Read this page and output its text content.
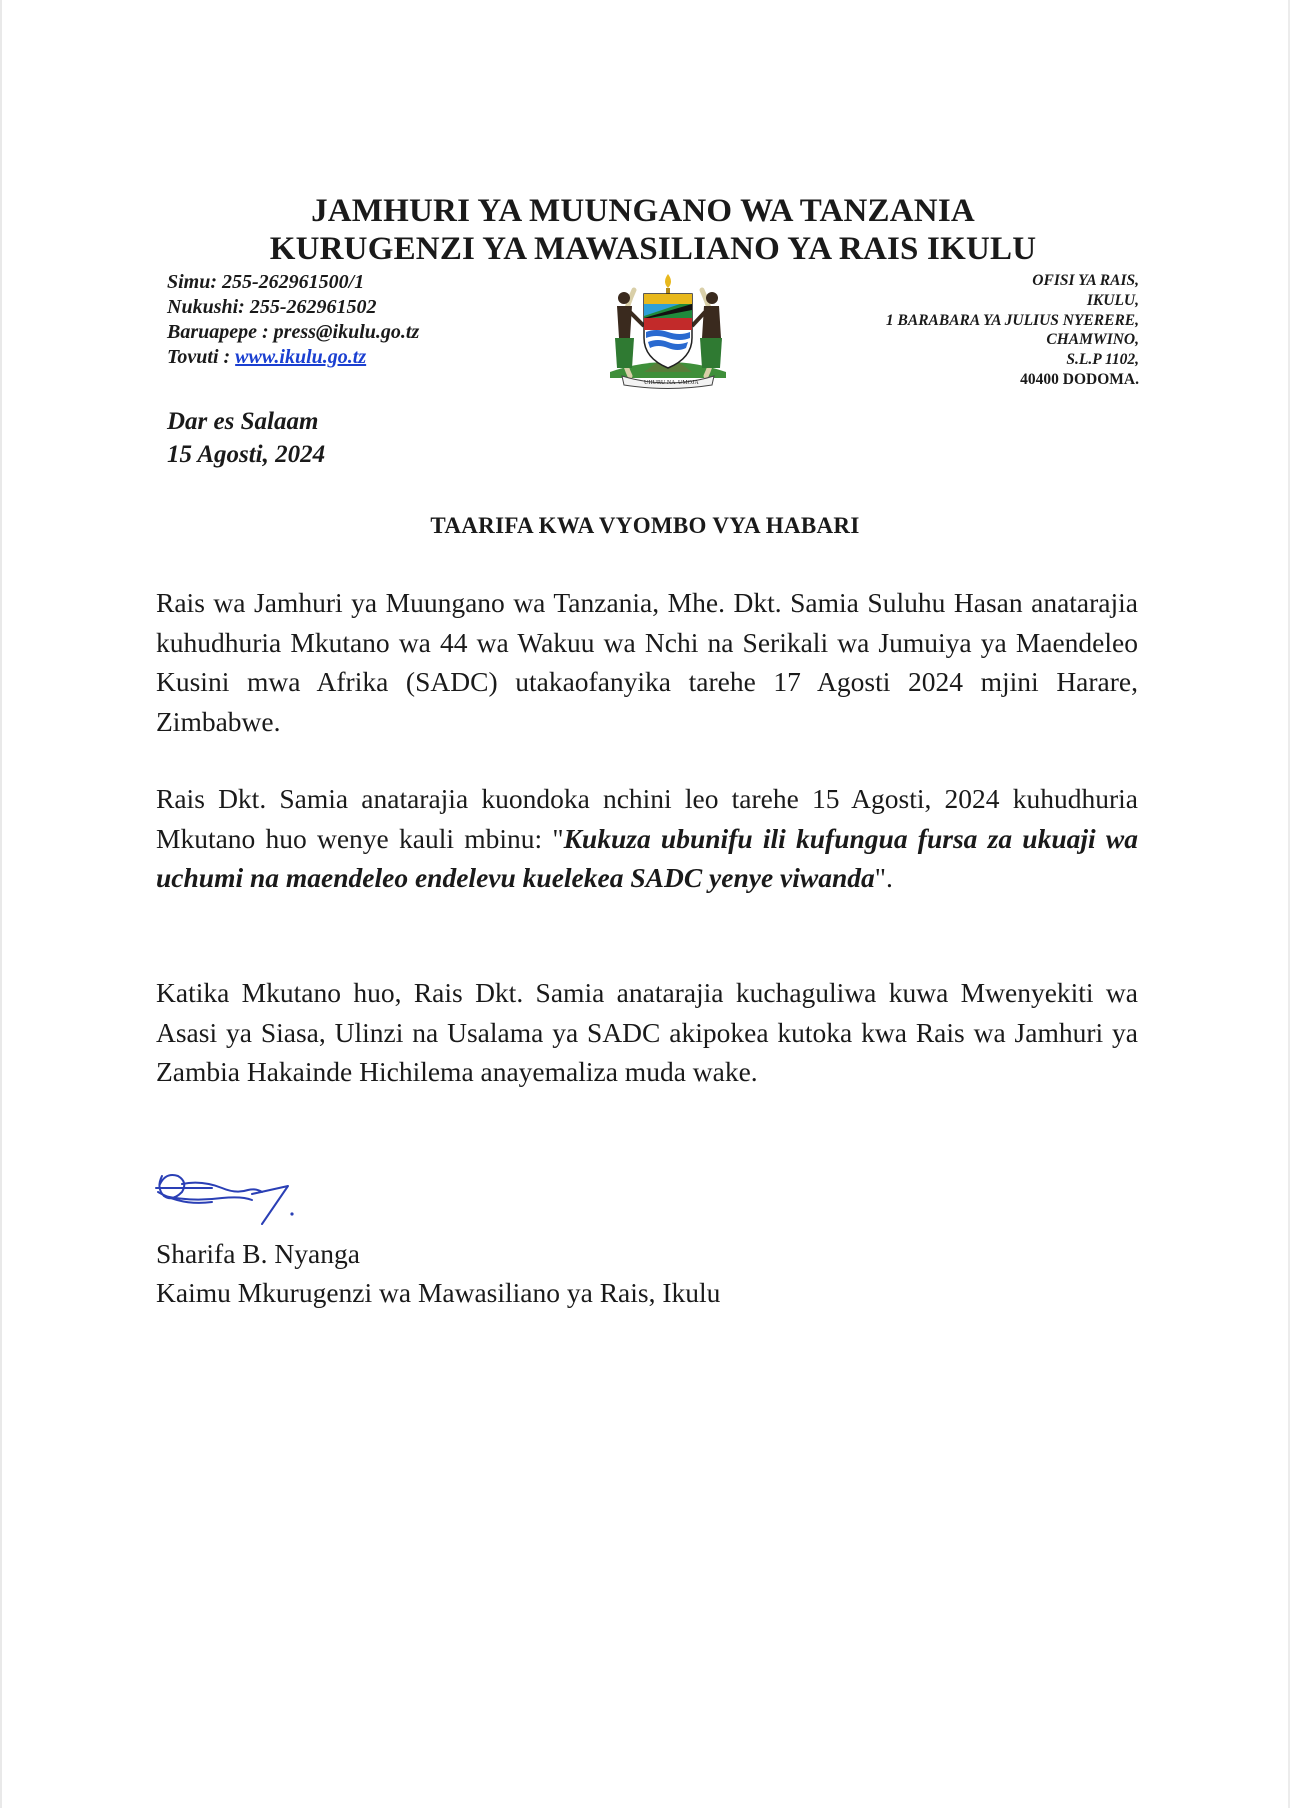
JAMHURI YA MUUNGANO WA TANZANIA
KURUGENZI YA MAWASILIANO YA RAIS IKULU
Simu: 255-262961500/1
Nukushi: 255-262961502
Baruapepe : press@ikulu.go.tz
Tovuti : www.ikulu.go.tz
UHURU NA UMOJA
OFISI YA RAIS,
IKULU,
1 BARABARA YA JULIUS NYERERE,
CHAMWINO,
S.L.P 1102,
40400 DODOMA.
Dar es Salaam
15 Agosti, 2024
TAARIFA KWA VYOMBO VYA HABARI
Rais wa Jamhuri ya Muungano wa Tanzania, Mhe. Dkt. Samia Suluhu Hasan anatarajia kuhudhuria Mkutano wa 44 wa Wakuu wa Nchi na Serikali wa Jumuiya ya Maendeleo Kusini mwa Afrika (SADC) utakaofanyika tarehe 17 Agosti 2024 mjini Harare, Zimbabwe.
Rais Dkt. Samia anatarajia kuondoka nchini leo tarehe 15 Agosti, 2024 kuhudhuria Mkutano huo wenye kauli mbinu: "Kukuza ubunifu ili kufungua fursa za ukuaji wa uchumi na maendeleo endelevu kuelekea SADC yenye viwanda".
Katika Mkutano huo, Rais Dkt. Samia anatarajia kuchaguliwa kuwa Mwenyekiti wa Asasi ya Siasa, Ulinzi na Usalama ya SADC akipokea kutoka kwa Rais wa Jamhuri ya Zambia Hakainde Hichilema anayemaliza muda wake.
Sharifa B. Nyanga
Kaimu Mkurugenzi wa Mawasiliano ya Rais, Ikulu
